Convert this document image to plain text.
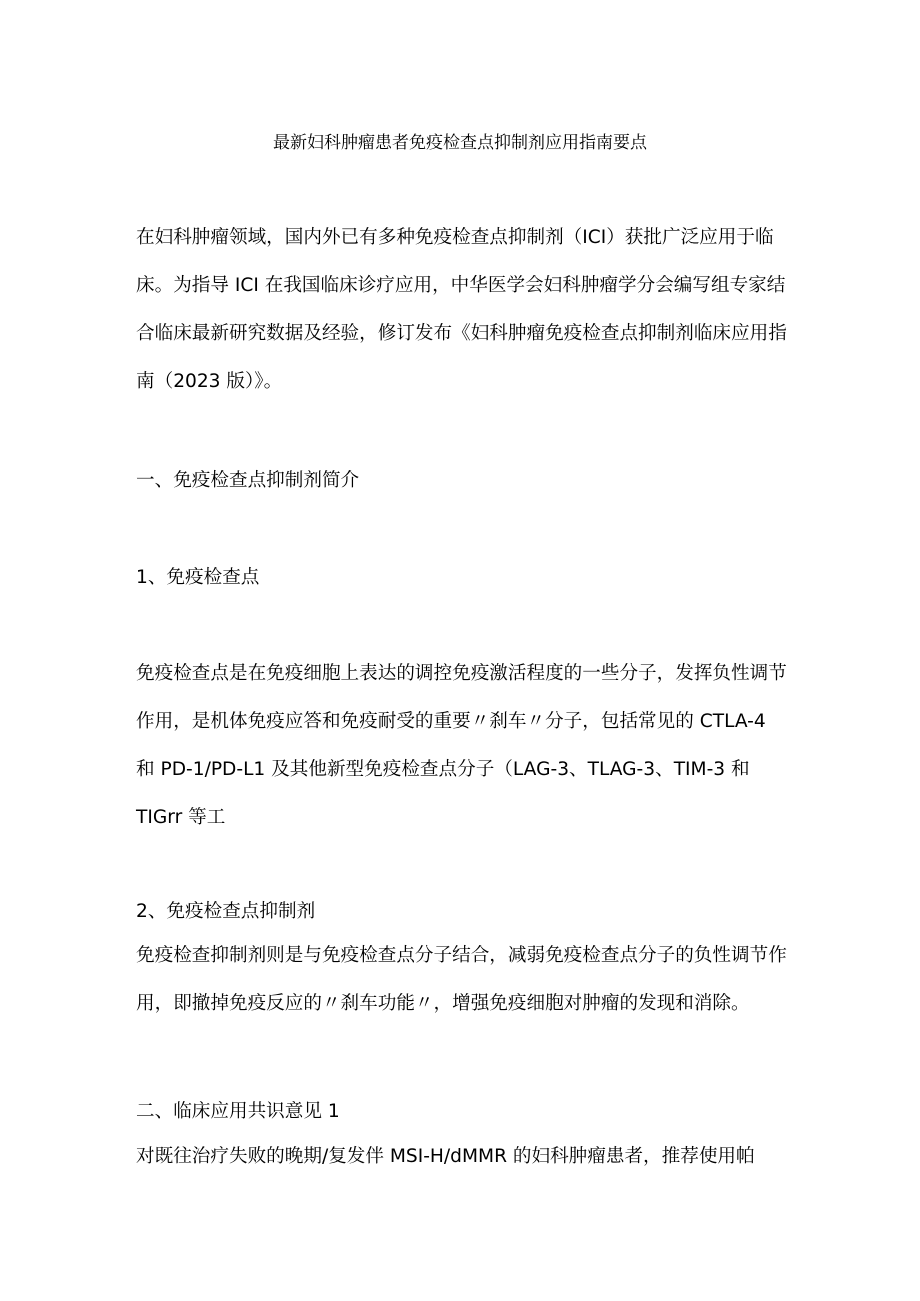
最新妇科肿瘤患者免疫检查点抑制剂应用指南要点

在妇科肿瘤领域，国内外已有多种免疫检查点抑制剂（ICI）获批广泛应用于临
床。为指导 ICI 在我国临床诊疗应用，中华医学会妇科肿瘤学分会编写组专家结
合临床最新研究数据及经验，修订发布《妇科肿瘤免疫检查点抑制剂临床应用指
南（2023 版）》。

一、免疫检查点抑制剂简介
1、免疫检查点

免疫检查点是在免疫细胞上表达的调控免疫激活程度的一些分子，发挥负性调节
作用，是机体免疫应答和免疫耐受的重要〃刹车〃分子，包括常见的 CTLA-4
和 PD-1/PD-L1 及其他新型免疫检查点分子（LAG-3、TLAG-3、TIM-3 和
TIGrr 等工

2、免疫检查点抑制剂

免疫检查抑制剂则是与免疫检查点分子结合，减弱免疫检查点分子的负性调节作
用，即撤掉免疫反应的〃刹车功能〃，增强免疫细胞对肿瘤的发现和消除。

二、临床应用共识意见 1

对既往治疗失败的晚期/复发伴 MSI-H/dMMR 的妇科肿瘤患者，推荐使用帕
